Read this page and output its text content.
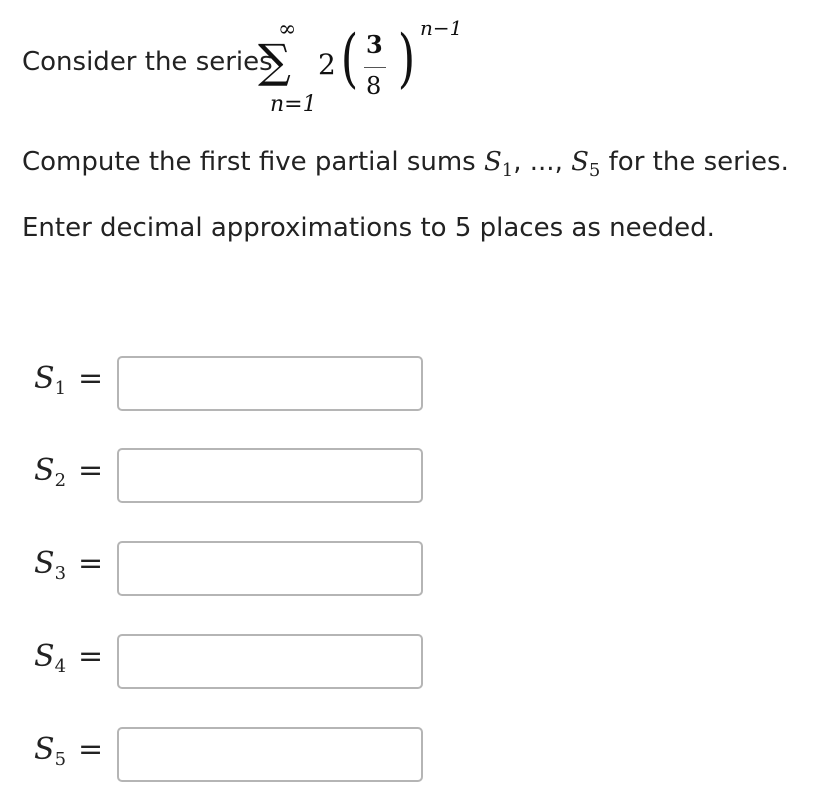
Consider the series
∞
∑
n=1
2 ( 3
8 ) n−1
Compute the first five partial sums $S_1$, ..., $S_5$ for the series.
Enter decimal approximations to 5 places as needed.
$S_1$ =
$S_2$ =
$S_3$ =
$S_4$ =
$S_5$ =
